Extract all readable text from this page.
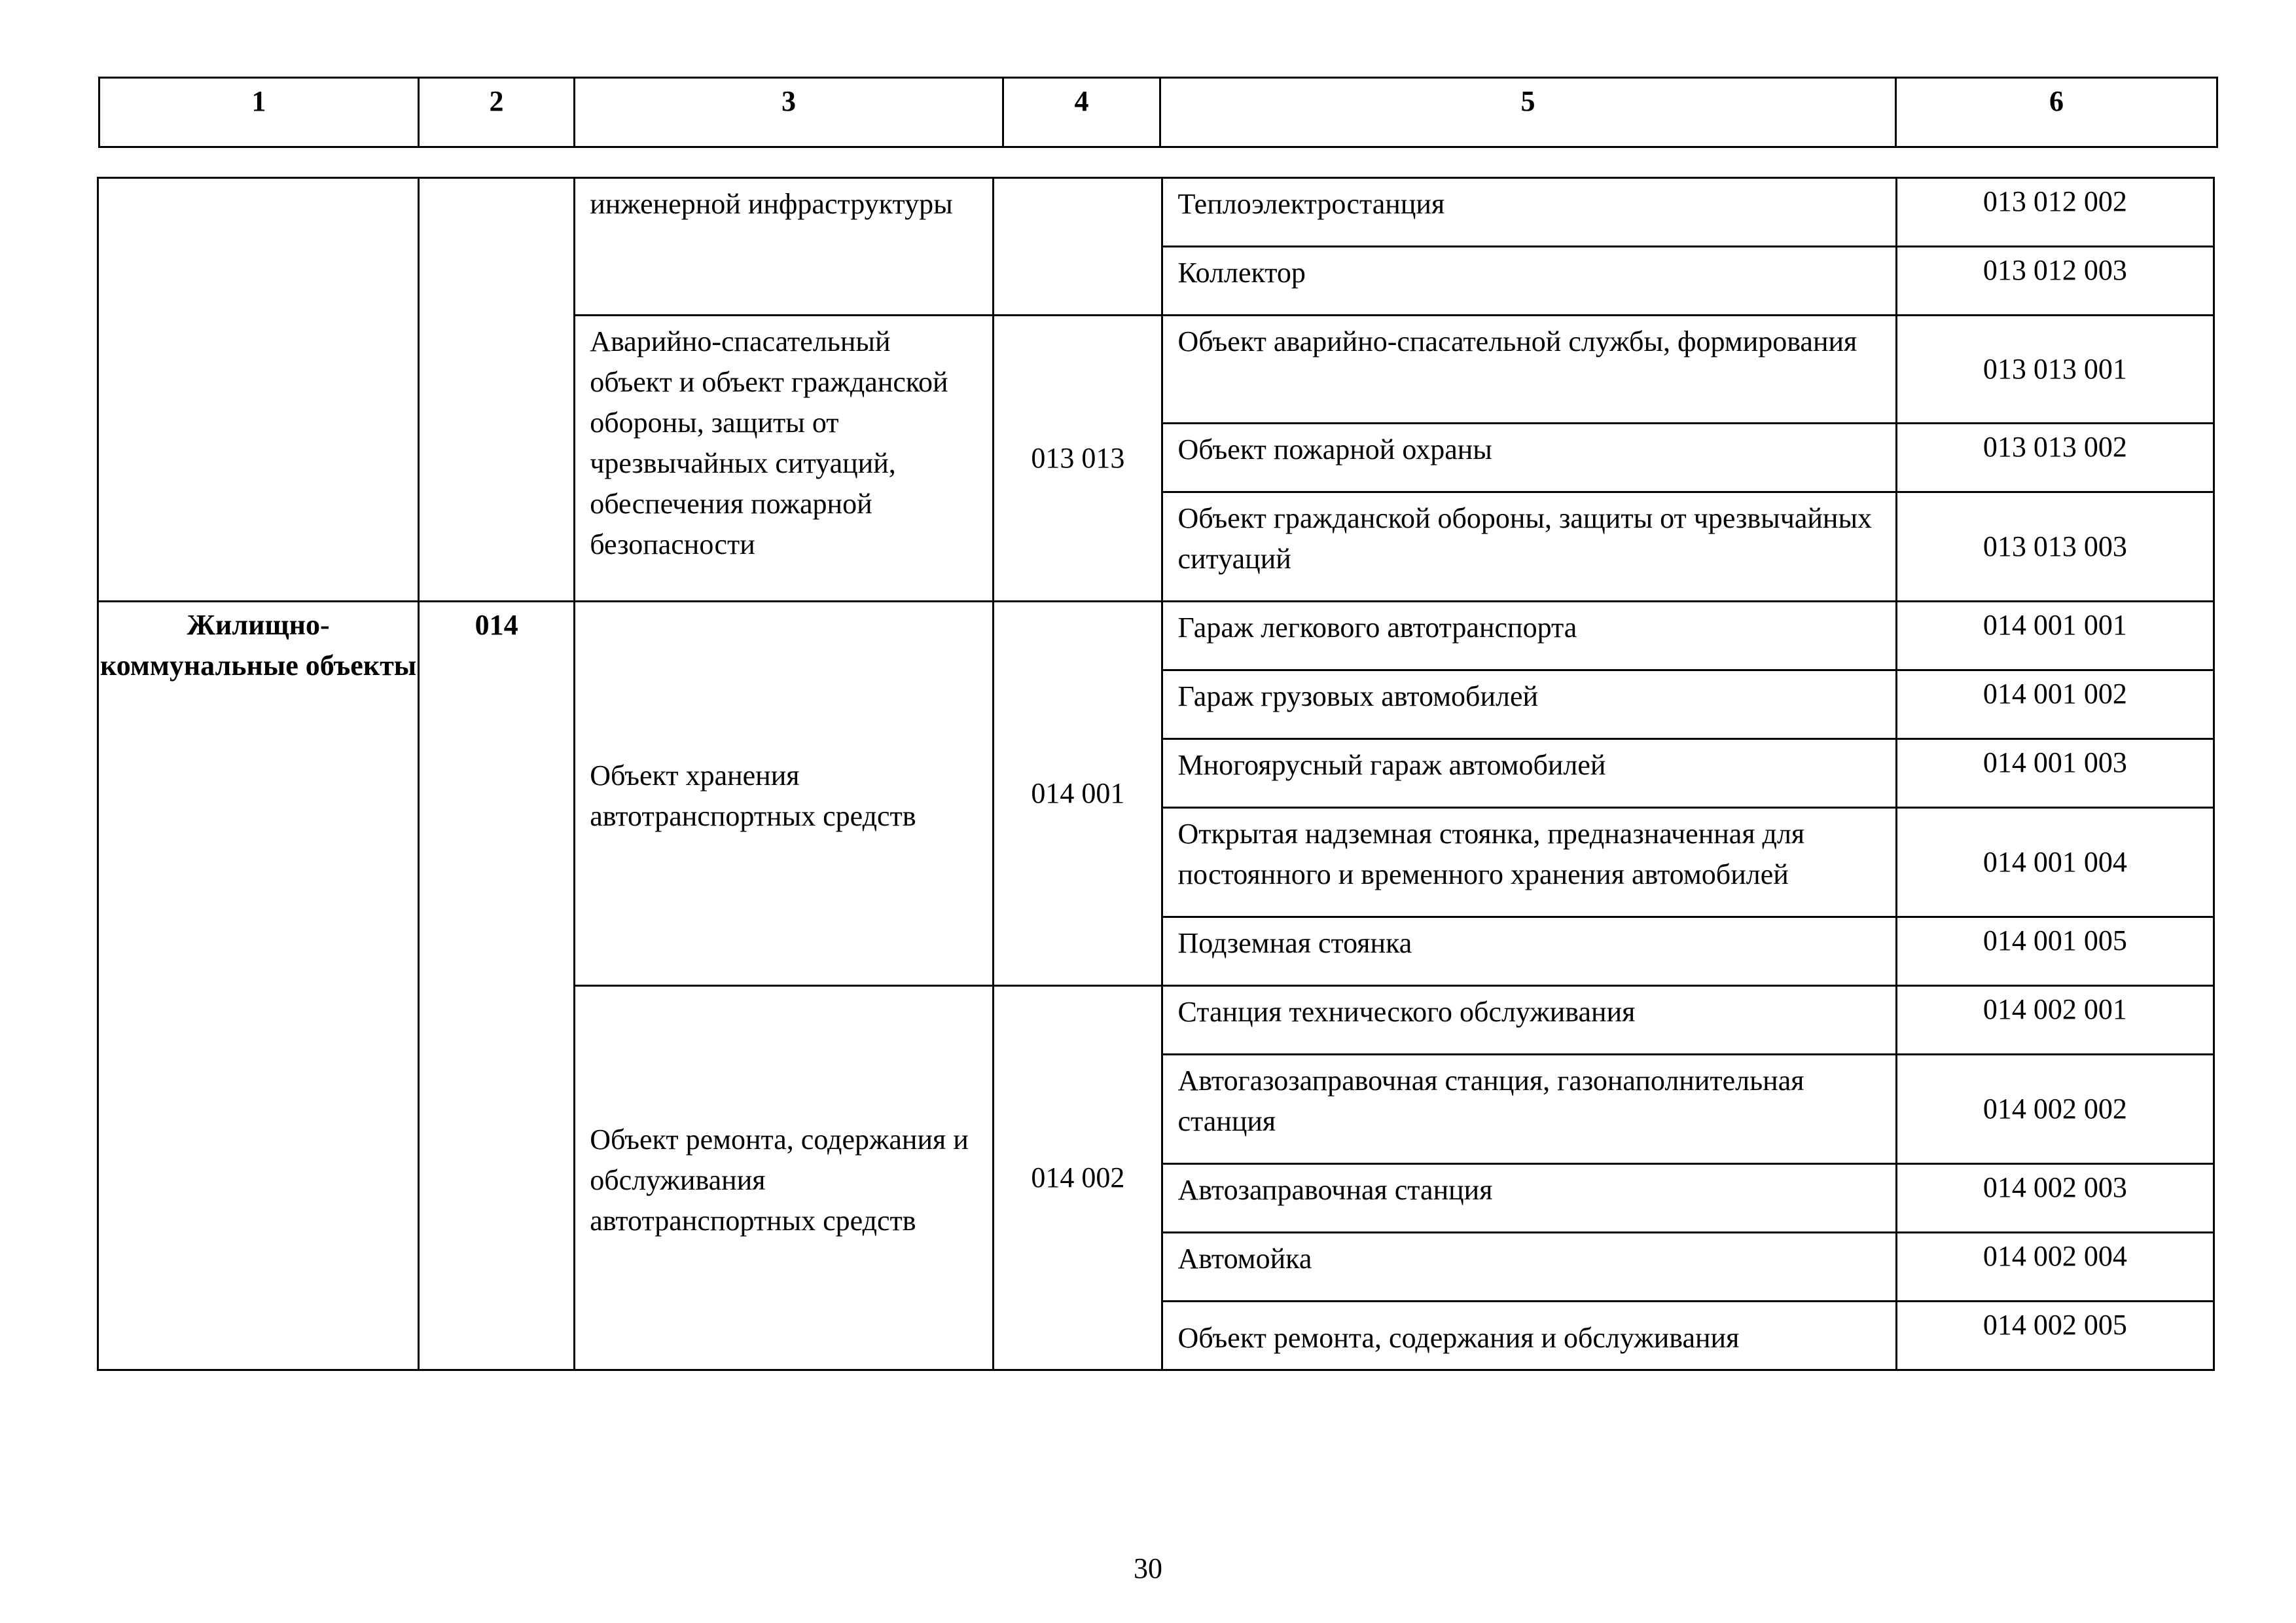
1	2	3	4	5	6
		инженерной инфраструктуры		Теплоэлектростанция	013 012 002
				Коллектор	013 012 003
		Аварийно-спасательный объект и объект гражданской обороны, защиты от чрезвычайных ситуаций, обеспечения пожарной безопасности	013 013	Объект аварийно-спасательной службы, формирования	013 013 001
				Объект пожарной охраны	013 013 002
				Объект гражданской обороны, защиты от чрезвычайных ситуаций	013 013 003
Жилищно-коммунальные объекты	014	Объект хранения автотранспортных средств	014 001	Гараж легкового автотранспорта	014 001 001
				Гараж грузовых автомобилей	014 001 002
				Многоярусный гараж автомобилей	014 001 003
				Открытая надземная стоянка, предназначенная для постоянного и временного хранения автомобилей	014 001 004
				Подземная стоянка	014 001 005
		Объект ремонта, содержания и обслуживания автотранспортных средств	014 002	Станция технического обслуживания	014 002 001
				Автогазозаправочная станция, газонаполнительная станция	014 002 002
				Автозаправочная станция	014 002 003
				Автомойка	014 002 004
				Объект ремонта, содержания и обслуживания	014 002 005
30
